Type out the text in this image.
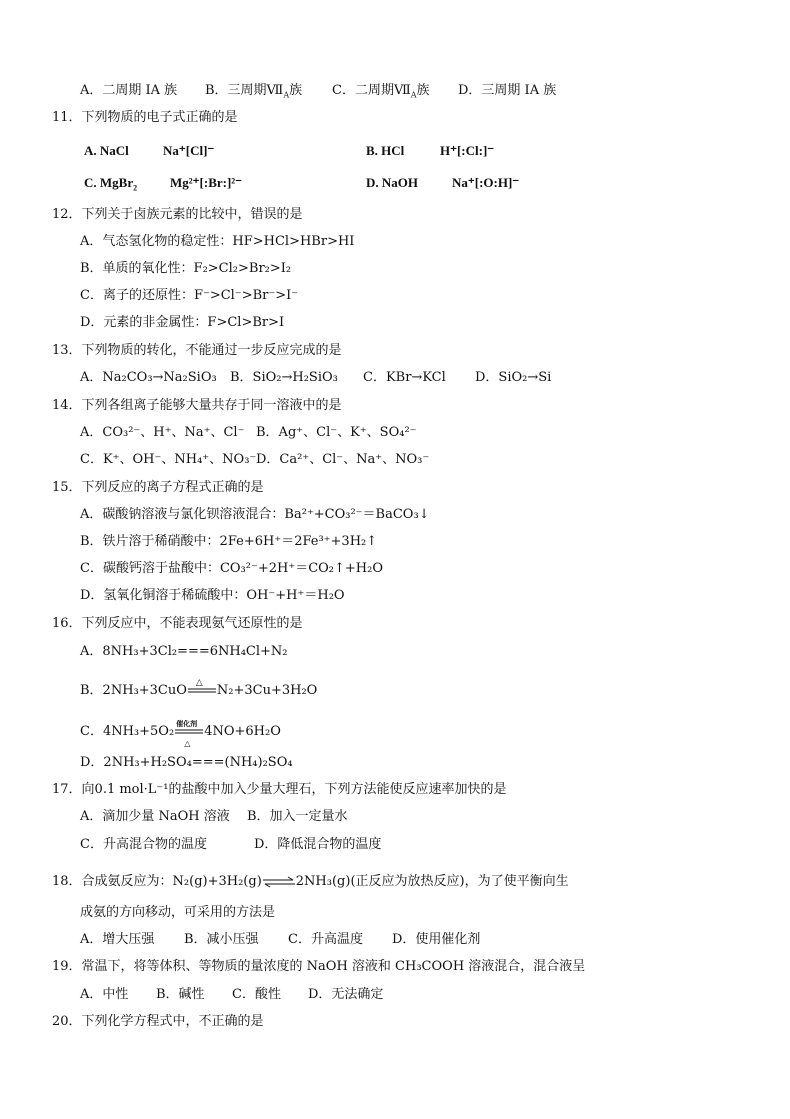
A．二周期 IA 族 B．三周期$Ⅶ_A$族 C．二周期$Ⅶ_A$族 D．三周期 IA 族
11．下列物质的电子式正确的是
A. NaCl	Na⁺[Cl]⁻	B. HCl	H⁺[:Cl:]⁻
C. MgBr$_2$	Mg²⁺[:Br:]²⁻	D. NaOH	Na⁺[:O:H]⁻
12．下列关于卤族元素的比较中，错误的是
A．气态氢化物的稳定性：HF>HCl>HBr>HI
B．单质的氧化性：F₂>Cl₂>Br₂>I₂
C．离子的还原性：F⁻>Cl⁻>Br⁻>I⁻
D．元素的非金属性：F>Cl>Br>I
13．下列物质的转化，不能通过一步反应完成的是
A．Na₂CO₃→Na₂SiO₃ B．SiO₂→H₂SiO₃ C．KBr→KCl D．SiO₂→Si
14．下列各组离子能够大量共存于同一溶液中的是
A．CO₃²⁻、H⁺、Na⁺、Cl⁻ B．Ag⁺、Cl⁻、K⁺、SO₄²⁻
C．K⁺、OH⁻、NH₄⁺、NO₃⁻ D．Ca²⁺、Cl⁻、Na⁺、NO₃⁻
15．下列反应的离子方程式正确的是
A．碳酸钠溶液与氯化钡溶液混合：Ba²⁺+CO₃²⁻＝BaCO₃↓
B．铁片溶于稀硝酸中：2Fe+6H⁺＝2Fe³⁺+3H₂↑
C．碳酸钙溶于盐酸中：CO₃²⁻+2H⁺＝CO₂↑+H₂O
D．氢氧化铜溶于稀硫酸中：OH⁻+H⁺＝H₂O
16．下列反应中，不能表现氨气还原性的是
A．8NH₃+3Cl₂===6NH₄Cl+N₂
B．2NH₃+3CuO
△
N₂+3Cu+3H₂O
C．4NH₃+5O₂
催化剂
△
4NO+6H₂O
D．2NH₃+H₂SO₄===(NH₄)₂SO₄
17．向0.1 mol·L⁻¹的盐酸中加入少量大理石，下列方法能使反应速率加快的是
A．滴加少量 NaOH 溶液 B．加入一定量水
C．升高混合物的温度	D．降低混合物的温度
18．合成氨反应为：N₂(g)+3H₂(g)	2NH₃(g)(正反应为放热反应)，为了使平衡向生
成氨的方向移动，可采用的方法是
A．增大压强 B．减小压强 C．升高温度 D．使用催化剂
19．常温下，将等体积、等物质的量浓度的 NaOH 溶液和 CH₃COOH 溶液混合，混合液呈
A．中性 B．碱性 C．酸性 D．无法确定
20．下列化学方程式中，不正确的是
